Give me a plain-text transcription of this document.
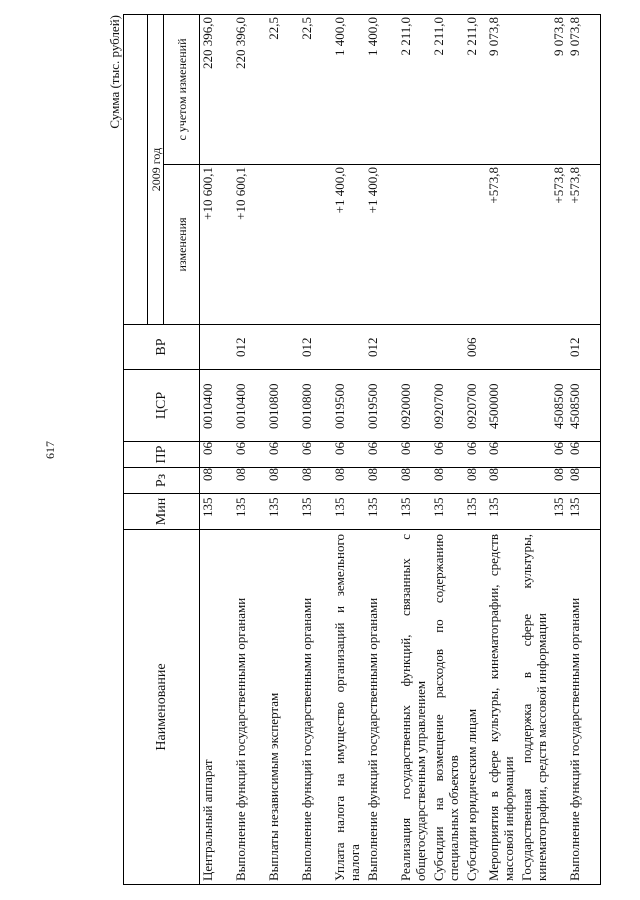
617
Сумма (тыс. рублей)
Наименование	Мин	Рз	ПР	ЦСР	ВР		
						2009 год	
						изменения	с учетом изменений
Центральный аппарат	135	08	06	0010400		+10 600,1	220 396,0
Выполнение функций государственными органами	135	08	06	0010400	012	+10 600,1	220 396,0
Выплаты независимым экспертам	135	08	06	0010800			22,5
Выполнение функций государственными органами	135	08	06	0010800	012		22,5
Уплата налога на имущество организаций и земельного налога	135	08	06	0019500		+1 400,0	1 400,0
Выполнение функций государственными органами	135	08	06	0019500	012	+1 400,0	1 400,0
Реализация государственных функций, связанных с общегосударственным управлением	135	08	06	0920000			2 211,0
Субсидии на возмещение расходов по содержанию специальных объектов	135	08	06	0920700			2 211,0
Субсидии юридическим лицам	135	08	06	0920700	006		2 211,0
Мероприятия в сфере культуры, кинематографии, средств массовой информации	135	08	06	4500000		+573,8	9 073,8
Государственная поддержка в сфере культуры, кинематографии, средств массовой информации	135	08	06	4508500		+573,8	9 073,8
Выполнение функций государственными органами	135	08	06	4508500	012	+573,8	9 073,8
